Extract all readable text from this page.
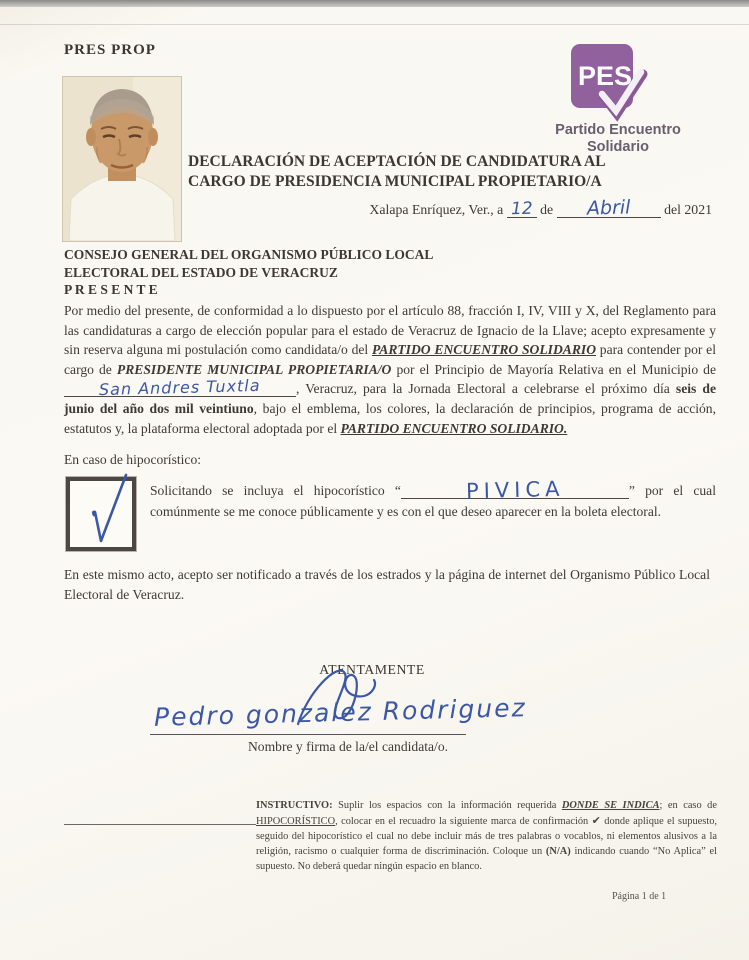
PRES PROP
PES
Partido Encuentro
Solidario
DECLARACIÓN DE ACEPTACIÓN DE CANDIDATURA AL
CARGO DE PRESIDENCIA MUNICIPAL PROPIETARIO/A
Xalapa Enríquez, Ver., a 12 de Abril del 2021
CONSEJO GENERAL DEL ORGANISMO PÚBLICO LOCAL
ELECTORAL DEL ESTADO DE VERACRUZ
P R E S E N T E
Por medio del presente, de conformidad a lo dispuesto por el artículo 88, fracción I, IV, VIII y X, del Reglamento para las candidaturas a cargo de elección popular para el estado de Veracruz de Ignacio de la Llave; acepto expresamente y sin reserva alguna mi postulación como candidata/o del PARTIDO ENCUENTRO SOLIDARIO para contender por el cargo de PRESIDENTE MUNICIPAL PROPIETARIA/O por el Principio de Mayoría Relativa en el Municipio de San Andres Tuxtla	, Veracruz, para la Jornada Electoral a celebrarse el próximo día seis de junio del año dos mil veintiuno, bajo el emblema, los colores, la declaración de principios, programa de acción, estatutos y, la plataforma electoral adoptada por el PARTIDO ENCUENTRO SOLIDARIO.
En caso de hipocorístico:
Solicitando se incluya el hipocorístico “	PIVICA	” por el cual comúnmente se me conoce públicamente y es con el que deseo aparecer en la boleta electoral.
En este mismo acto, acepto ser notificado a través de los estrados y la página de internet del Organismo Público Local Electoral de Veracruz.
ATENTAMENTE
Pedro gonzalez Rodriguez
Nombre y firma de la/el candidata/o.
INSTRUCTIVO: Suplir los espacios con la información requerida DONDE SE INDICA; en caso de HIPOCORÍSTICO, colocar en el recuadro la siguiente marca de confirmación ✔ donde aplique el supuesto, seguido del hipocorístico el cual no debe incluir más de tres palabras o vocablos, ni elementos alusivos a la religión, racismo o cualquier forma de discriminación. Coloque un (N/A) indicando cuando “No Aplica” el supuesto. No deberá quedar ningún espacio en blanco.
Página 1 de 1
